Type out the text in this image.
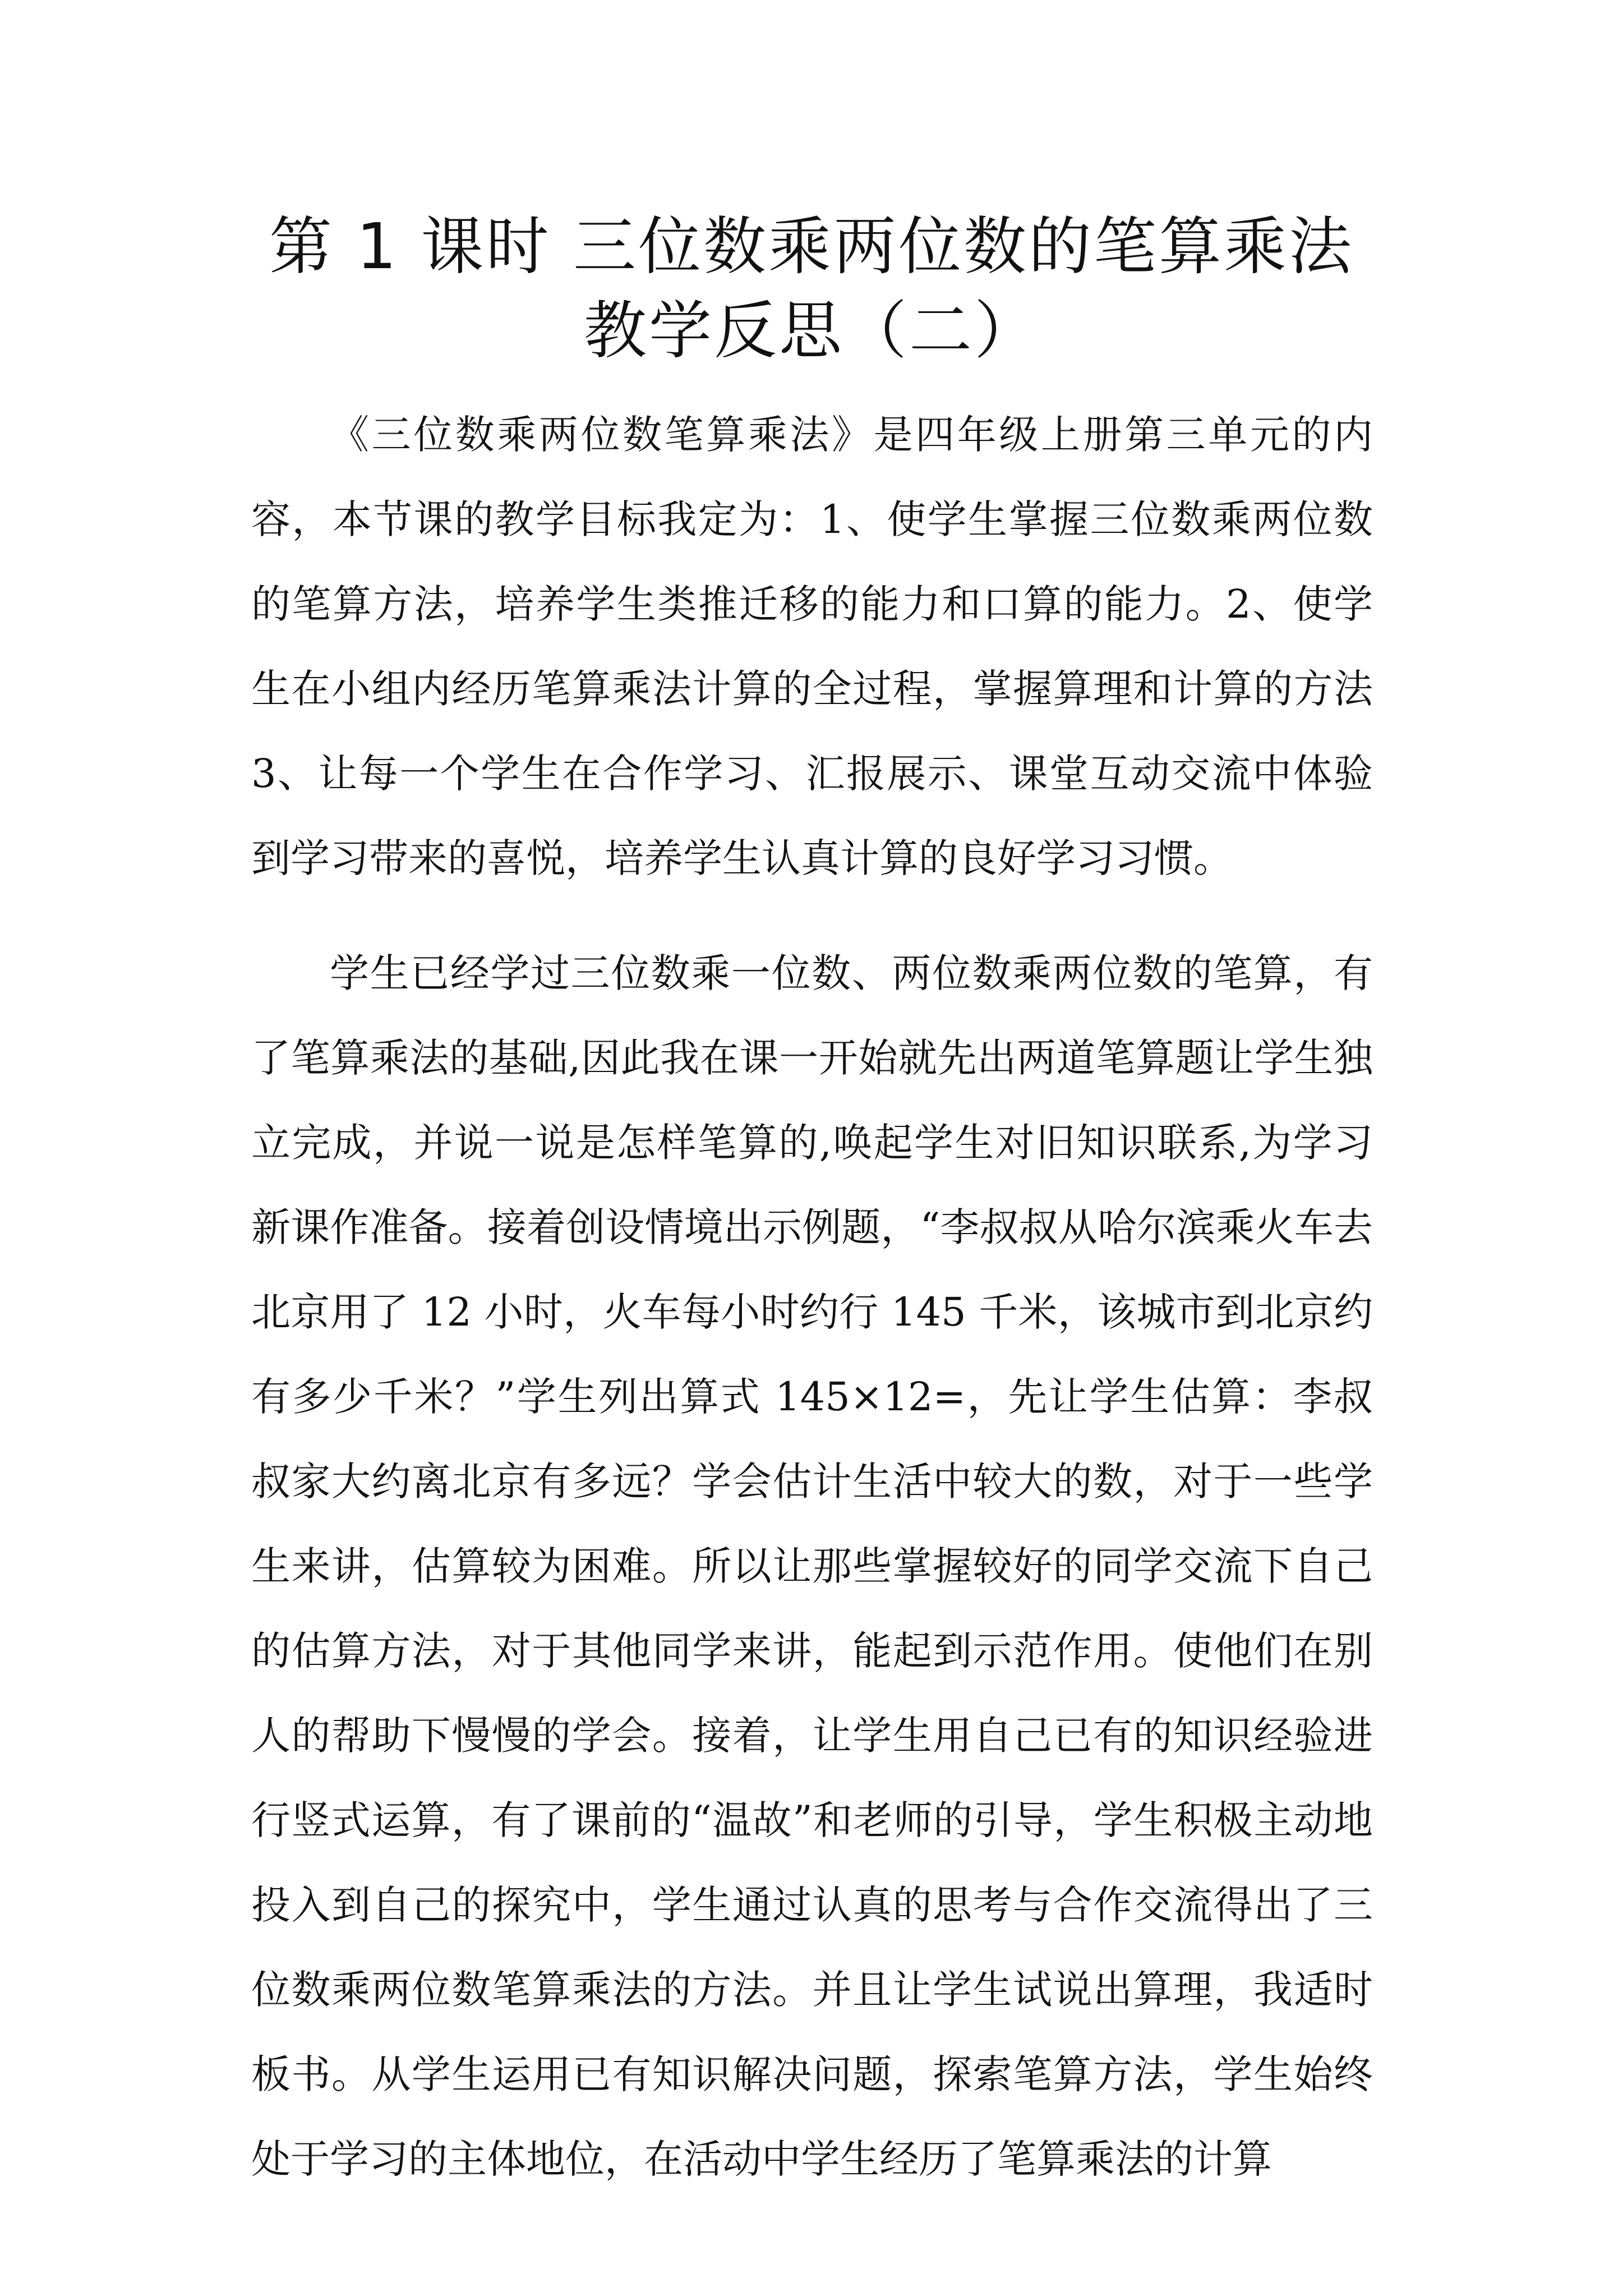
第 1 课时 三位数乘两位数的笔算乘法
教学反思（二）

《三位数乘两位数笔算乘法》是四年级上册第三单元的内容，本节课的教学目标我定为：1、使学生掌握三位数乘两位数的笔算方法，培养学生类推迁移的能力和口算的能力。2、使学生在小组内经历笔算乘法计算的全过程，掌握算理和计算的方法 3、让每一个学生在合作学习、汇报展示、课堂互动交流中体验到学习带来的喜悦，培养学生认真计算的良好学习习惯。

学生已经学过三位数乘一位数、两位数乘两位数的笔算，有了笔算乘法的基础,因此我在课一开始就先出两道笔算题让学生独立完成，并说一说是怎样笔算的,唤起学生对旧知识联系,为学习新课作准备。接着创设情境出示例题，“李叔叔从哈尔滨乘火车去北京用了 12 小时，火车每小时约行 145 千米，该城市到北京约有多少千米？”学生列出算式 145×12=，先让学生估算：李叔叔家大约离北京有多远？学会估计生活中较大的数，对于一些学生来讲，估算较为困难。所以让那些掌握较好的同学交流下自己的估算方法，对于其他同学来讲，能起到示范作用。使他们在别人的帮助下慢慢的学会。接着，让学生用自己已有的知识经验进行竖式运算，有了课前的“温故”和老师的引导，学生积极主动地投入到自己的探究中，学生通过认真的思考与合作交流得出了三位数乘两位数笔算乘法的方法。并且让学生试说出算理，我适时板书。从学生运用已有知识解决问题，探索笔算方法，学生始终处于学习的主体地位，在活动中学生经历了笔算乘法的计算
